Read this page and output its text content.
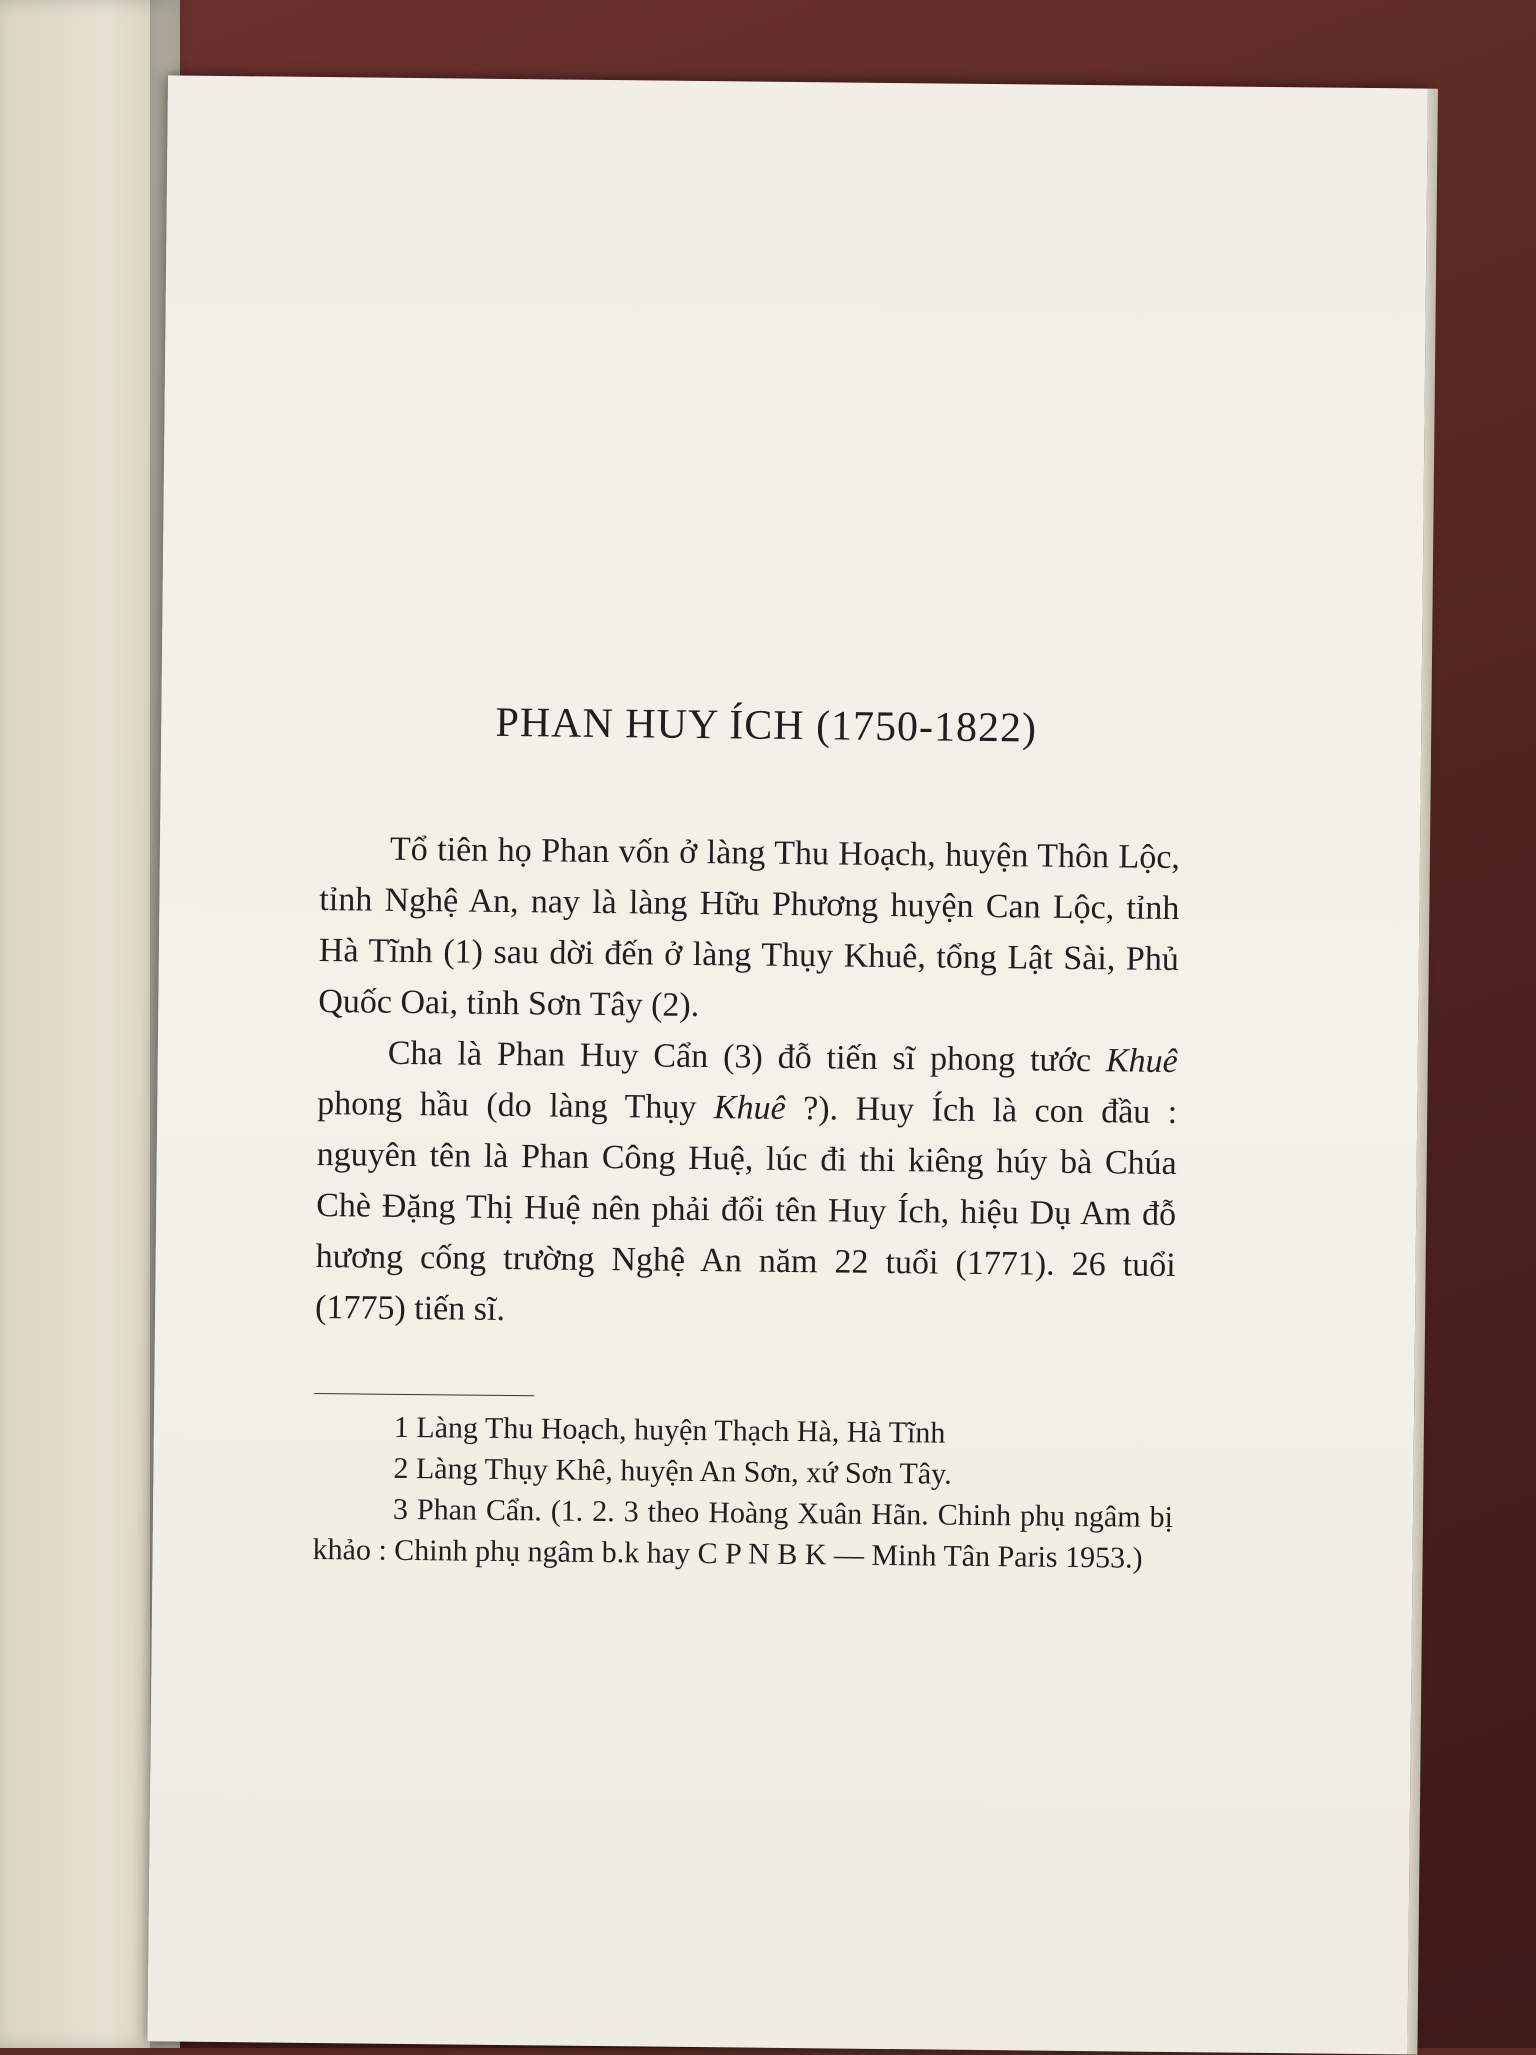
PHAN HUY ÍCH (1750-1822)

Tổ tiên họ Phan vốn ở làng Thu Hoạch, huyện Thôn Lộc, tỉnh Nghệ An, nay là làng Hữu Phương huyện Can Lộc, tỉnh Hà Tĩnh (1) sau dời đến ở làng Thụy Khuê, tổng Lật Sài, Phủ Quốc Oai, tỉnh Sơn Tây (2).

Cha là Phan Huy Cẩn (3) đỗ tiến sĩ phong tước Khuê phong hầu (do làng Thụy Khuê ?). Huy Ích là con đầu : nguyên tên là Phan Công Huệ, lúc đi thi kiêng húy bà Chúa Chè Đặng Thị Huệ nên phải đổi tên Huy Ích, hiệu Dụ Am đỗ hương cống trường Nghệ An năm 22 tuổi (1771). 26 tuổi (1775) tiến sĩ.

1 Làng Thu Hoạch, huyện Thạch Hà, Hà Tĩnh

2 Làng Thụy Khê, huyện An Sơn, xứ Sơn Tây.

3 Phan Cẩn. (1. 2. 3 theo Hoàng Xuân Hãn. Chinh phụ ngâm bị khảo : Chinh phụ ngâm b.k hay C P N B K — Minh Tân Paris 1953.)
